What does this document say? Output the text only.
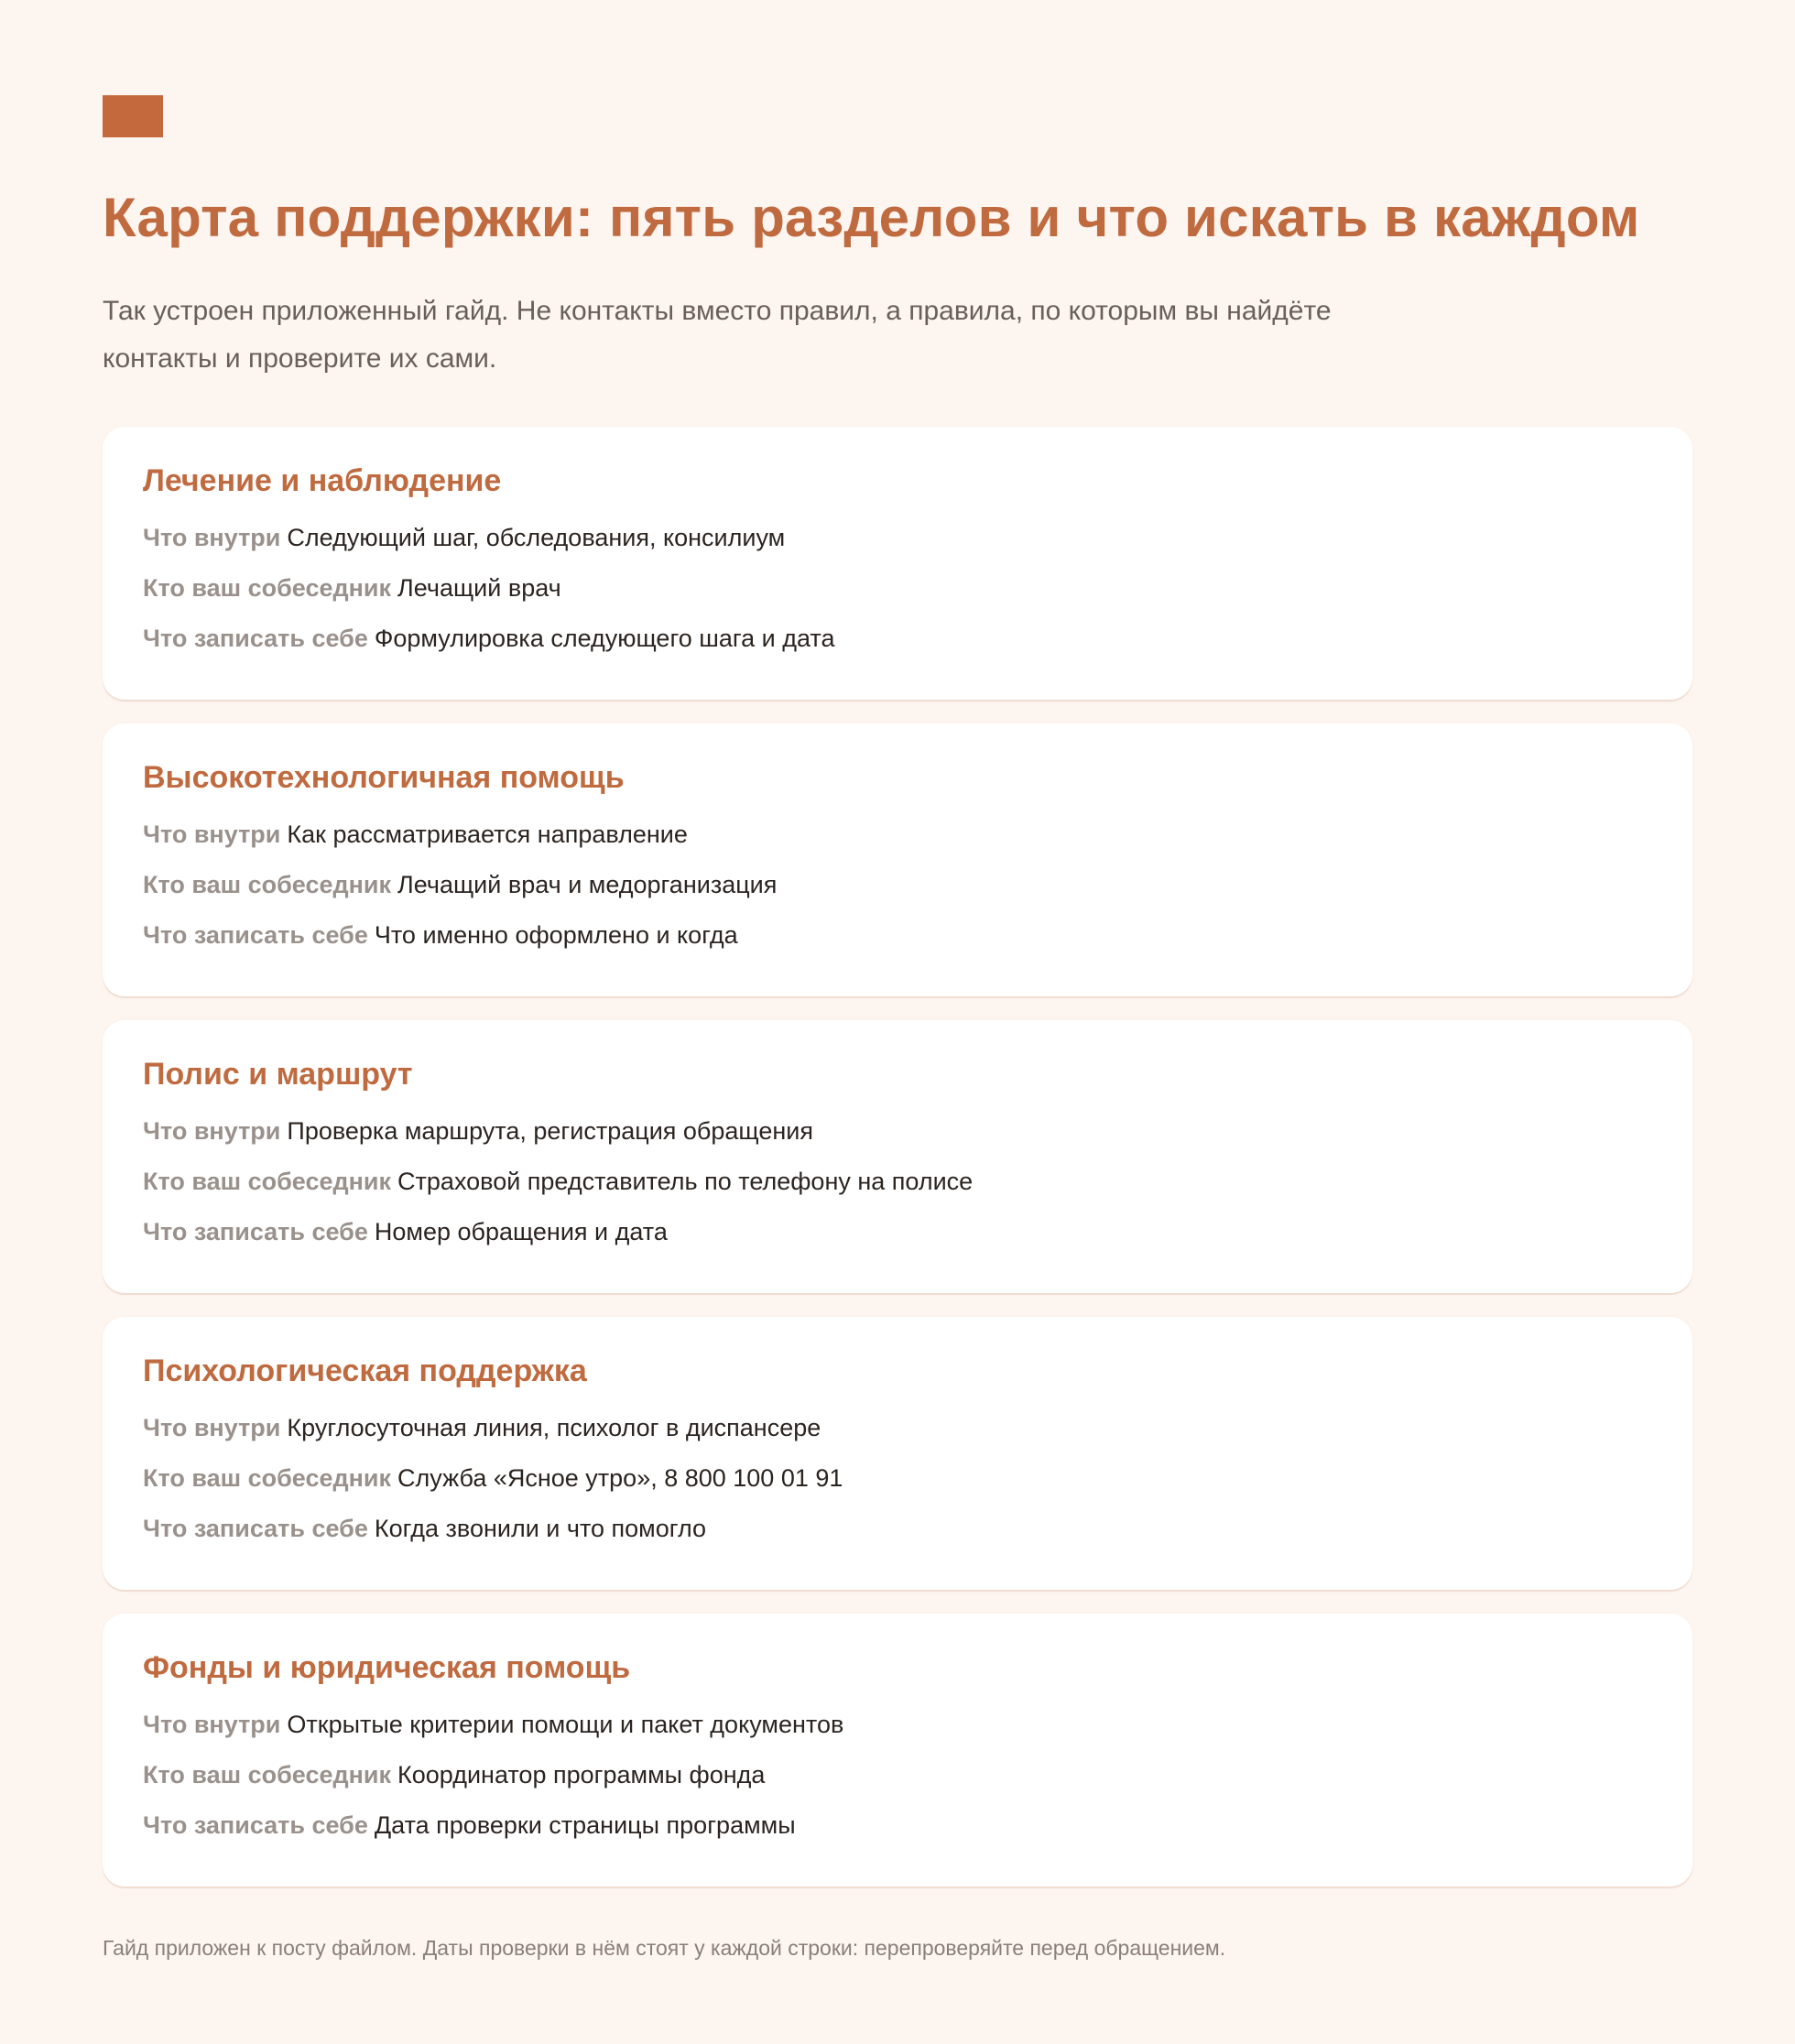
Карта поддержки: пять разделов и что искать в каждом

Так устроен приложенный гайд. Не контакты вместо правил, а правила, по которым вы найдёте контакты и проверите их сами.

Лечение и наблюдение
Что внутри Следующий шаг, обследования, консилиум
Кто ваш собеседник Лечащий врач
Что записать себе Формулировка следующего шага и дата
Высокотехнологичная помощь
Что внутри Как рассматривается направление
Кто ваш собеседник Лечащий врач и медорганизация
Что записать себе Что именно оформлено и когда
Полис и маршрут
Что внутри Проверка маршрута, регистрация обращения
Кто ваш собеседник Страховой представитель по телефону на полисе
Что записать себе Номер обращения и дата
Психологическая поддержка
Что внутри Круглосуточная линия, психолог в диспансере
Кто ваш собеседник Служба «Ясное утро», 8 800 100 01 91
Что записать себе Когда звонили и что помогло
Фонды и юридическая помощь
Что внутри Открытые критерии помощи и пакет документов
Кто ваш собеседник Координатор программы фонда
Что записать себе Дата проверки страницы программы

Гайд приложен к посту файлом. Даты проверки в нём стоят у каждой строки: перепроверяйте перед обращением.
